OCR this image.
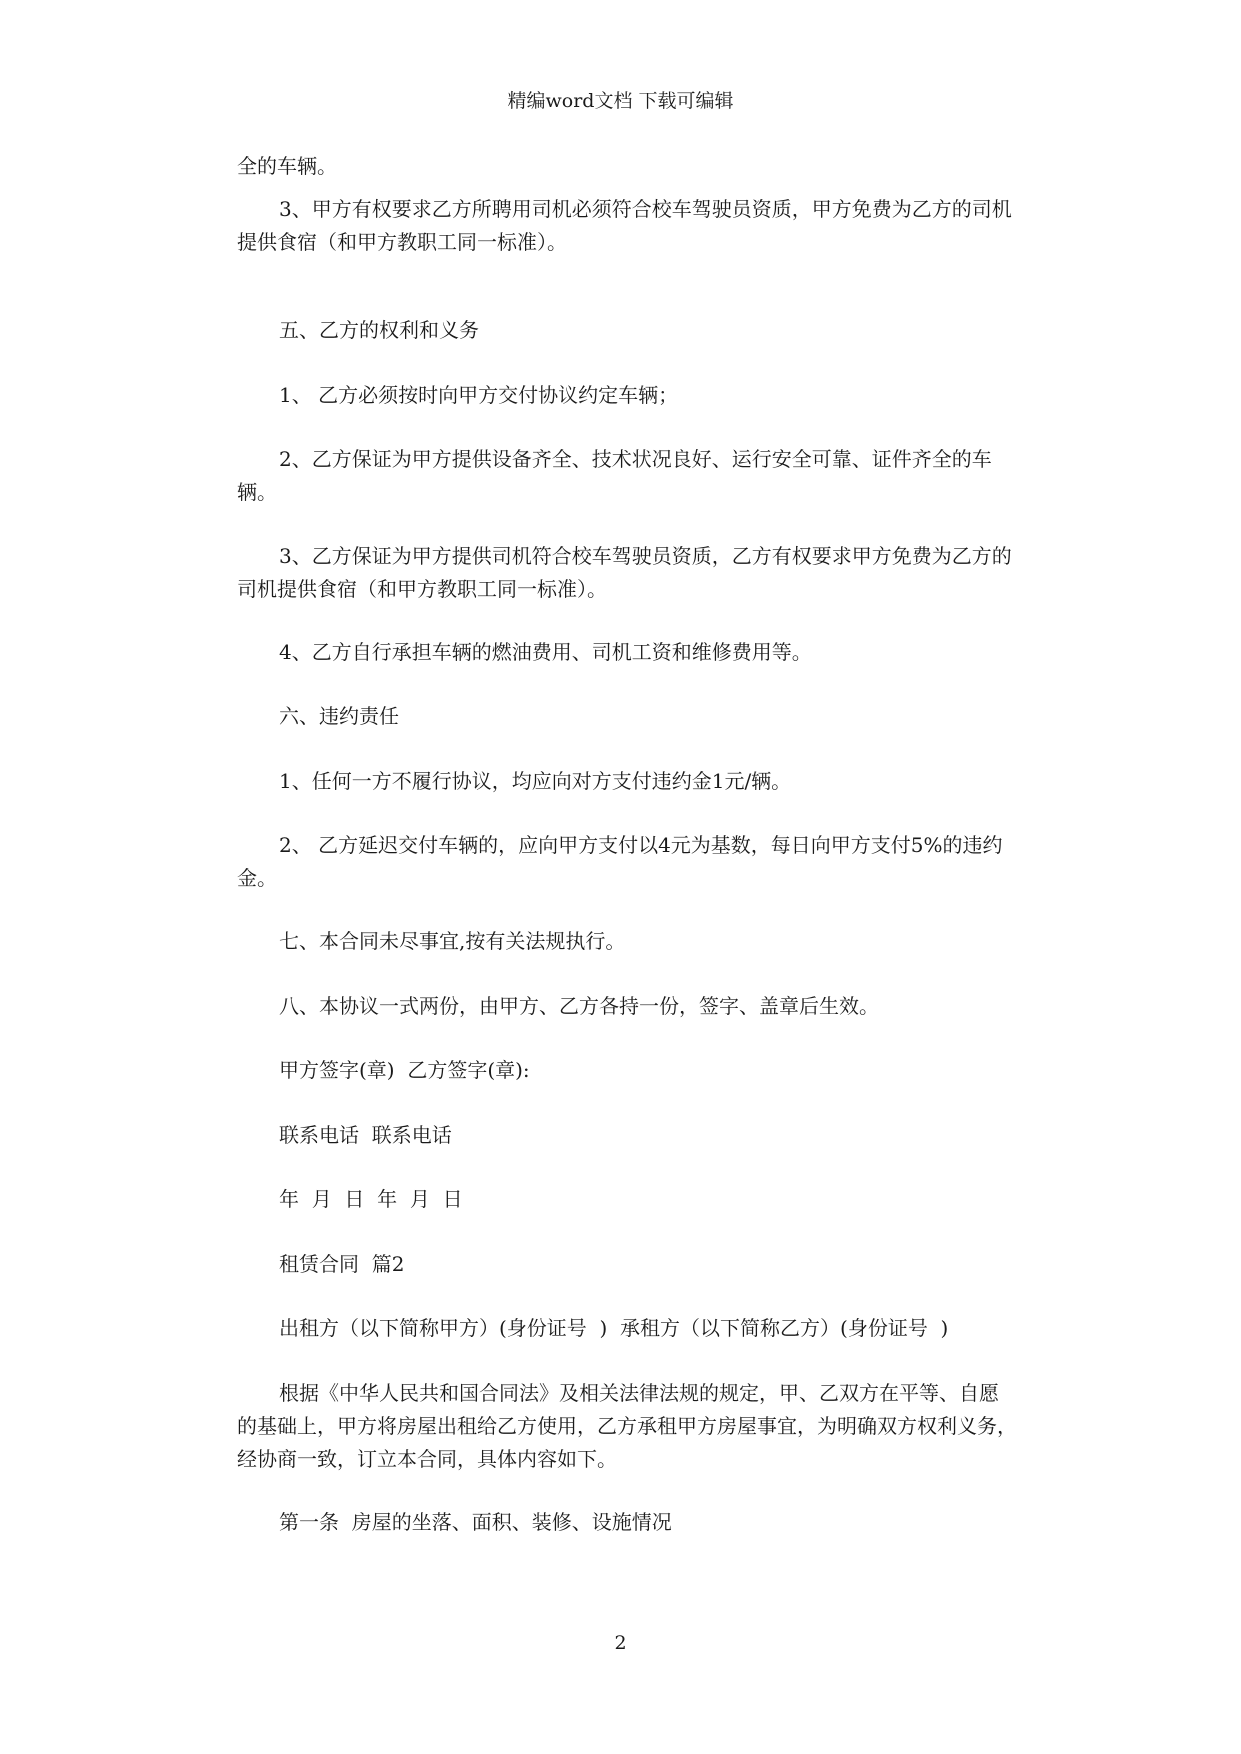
精编word文档 下载可编辑

全的车辆。

3、甲方有权要求乙方所聘用司机必须符合校车驾驶员资质，甲方免费为乙方的司机提供食宿（和甲方教职工同一标准）。

五、乙方的权利和义务

1、 乙方必须按时向甲方交付协议约定车辆；

2、乙方保证为甲方提供设备齐全、技术状况良好、运行安全可靠、证件齐全的车辆。

3、乙方保证为甲方提供司机符合校车驾驶员资质，乙方有权要求甲方免费为乙方的司机提供食宿（和甲方教职工同一标准）。

4、乙方自行承担车辆的燃油费用、司机工资和维修费用等。

六、违约责任

1、任何一方不履行协议，均应向对方支付违约金1元/辆。

2、 乙方延迟交付车辆的，应向甲方支付以4元为基数，每日向甲方支付5%的违约金。

七、本合同未尽事宜,按有关法规执行。

八、本协议一式两份，由甲方、乙方各持一份，签字、盖章后生效。

甲方签字(章)  乙方签字(章):

联系电话  联系电话

年  月  日  年  月  日

租赁合同  篇2

出租方（以下简称甲方）(身份证号  )  承租方（以下简称乙方）(身份证号  )

根据《中华人民共和国合同法》及相关法律法规的规定，甲、乙双方在平等、自愿的基础上，甲方将房屋出租给乙方使用，乙方承租甲方房屋事宜，为明确双方权利义务，经协商一致，订立本合同，具体内容如下。

第一条  房屋的坐落、面积、装修、设施情况

2
